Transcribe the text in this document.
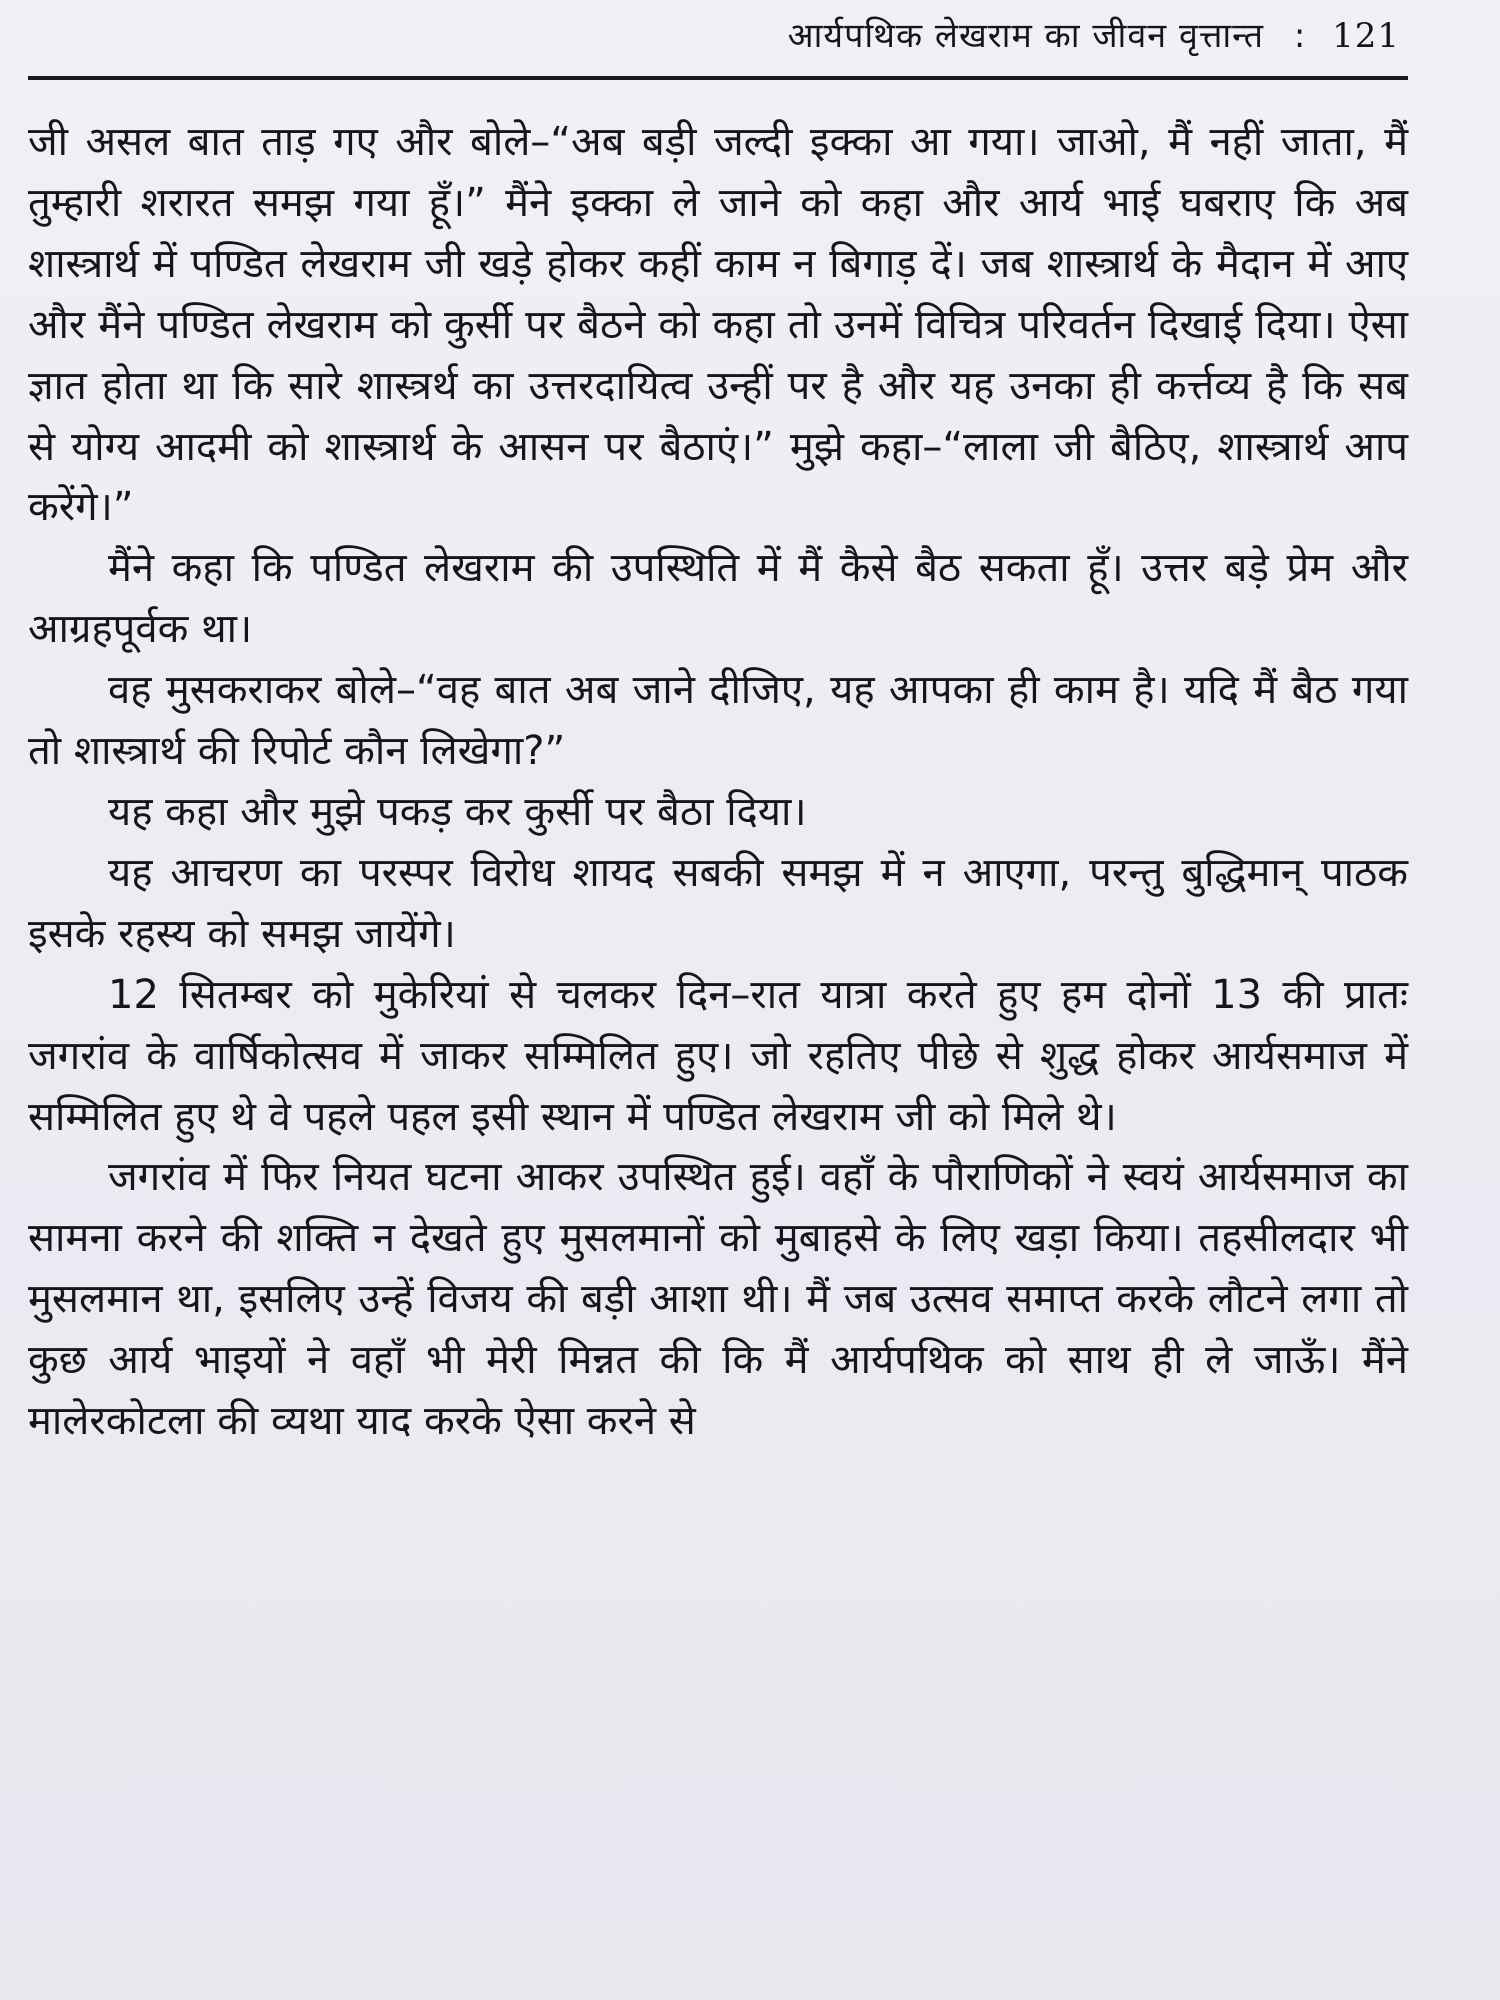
आर्यपथिक लेखराम का जीवन वृत्तान्त : 121

जी असल बात ताड़ गए और बोले–“अब बड़ी जल्दी इक्का आ गया। जाओ, मैं नहीं जाता, मैं तुम्हारी शरारत समझ गया हूँ।” मैंने इक्का ले जाने को कहा और आर्य भाई घबराए कि अब शास्त्रार्थ में पण्डित लेखराम जी खड़े होकर कहीं काम न बिगाड़ दें। जब शास्त्रार्थ के मैदान में आए और मैंने पण्डित लेखराम को कुर्सी पर बैठने को कहा तो उनमें विचित्र परिवर्तन दिखाई दिया। ऐसा ज्ञात होता था कि सारे शास्त्रर्थ का उत्तरदायित्व उन्हीं पर है और यह उनका ही कर्त्तव्य है कि सब से योग्य आदमी को शास्त्रार्थ के आसन पर बैठाएं।” मुझे कहा–“लाला जी बैठिए, शास्त्रार्थ आप करेंगे।”

मैंने कहा कि पण्डित लेखराम की उपस्थिति में मैं कैसे बैठ सकता हूँ। उत्तर बड़े प्रेम और आग्रहपूर्वक था।

वह मुसकराकर बोले–“वह बात अब जाने दीजिए, यह आपका ही काम है। यदि मैं बैठ गया तो शास्त्रार्थ की रिपोर्ट कौन लिखेगा?”

यह कहा और मुझे पकड़ कर कुर्सी पर बैठा दिया।

यह आचरण का परस्पर विरोध शायद सबकी समझ में न आएगा, परन्तु बुद्धिमान् पाठक इसके रहस्य को समझ जायेंगे।

12 सितम्बर को मुकेरियां से चलकर दिन–रात यात्रा करते हुए हम दोनों 13 की प्रातः जगरांव के वार्षिकोत्सव में जाकर सम्मिलित हुए। जो रहतिए पीछे से शुद्ध होकर आर्यसमाज में सम्मिलित हुए थे वे पहले पहल इसी स्थान में पण्डित लेखराम जी को मिले थे।

जगरांव में फिर नियत घटना आकर उपस्थित हुई। वहाँ के पौराणिकों ने स्वयं आर्यसमाज का सामना करने की शक्ति न देखते हुए मुसलमानों को मुबाहसे के लिए खड़ा किया। तहसीलदार भी मुसलमान था, इसलिए उन्हें विजय की बड़ी आशा थी। मैं जब उत्सव समाप्त करके लौटने लगा तो कुछ आर्य भाइयों ने वहाँ भी मेरी मिन्नत की कि मैं आर्यपथिक को साथ ही ले जाऊँ। मैंने मालेरकोटला की व्यथा याद करके ऐसा करने से
